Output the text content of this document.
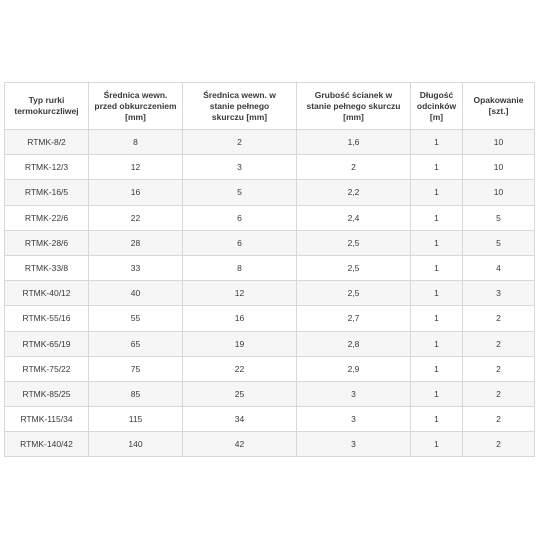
Typ rurki
termokurczliwej	Średnica wewn.
przed obkurczeniem
[mm]	Średnica wewn. w
stanie pełnego
skurczu [mm]	Grubość ścianek w
stanie pełnego skurczu
[mm]	Długość
odcinków
[m]	Opakowanie
[szt.]
RTMK-8/2	8	2	1,6	1	10
RTMK-12/3	12	3	2	1	10
RTMK-16/5	16	5	2,2	1	10
RTMK-22/6	22	6	2,4	1	5
RTMK-28/6	28	6	2,5	1	5
RTMK-33/8	33	8	2,5	1	4
RTMK-40/12	40	12	2,5	1	3
RTMK-55/16	55	16	2,7	1	2
RTMK-65/19	65	19	2,8	1	2
RTMK-75/22	75	22	2,9	1	2
RTMK-85/25	85	25	3	1	2
RTMK-115/34	115	34	3	1	2
RTMK-140/42	140	42	3	1	2
